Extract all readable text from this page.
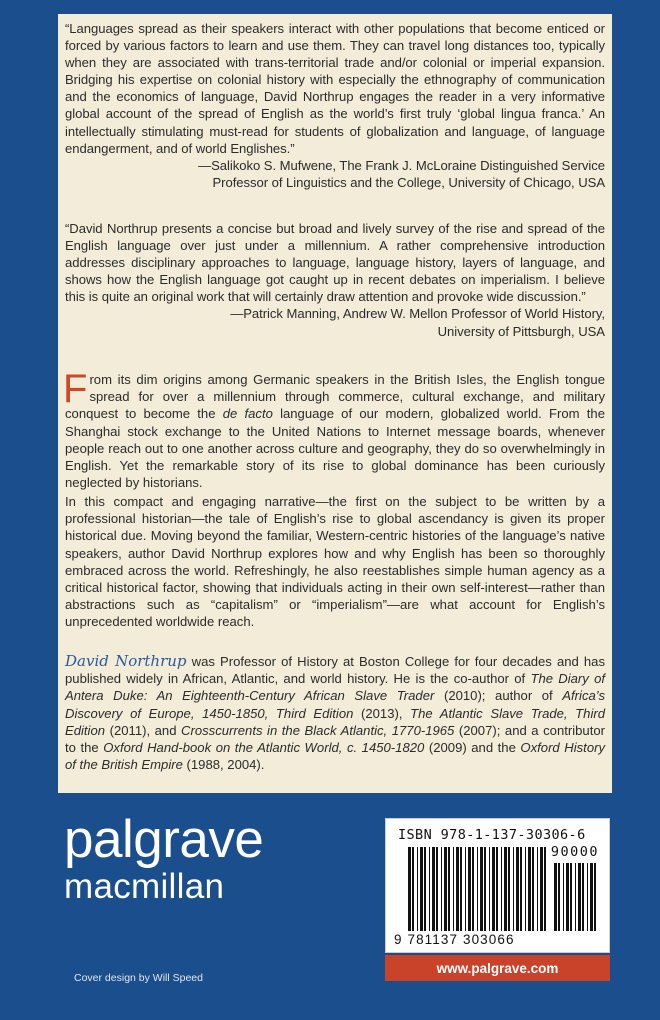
“Languages spread as their speakers interact with other populations that become enticed or forced by various factors to learn and use them. They can travel long distances too, typically when they are associated with trans-territorial trade and/or colonial or imperial expansion. Bridging his expertise on colonial history with especially the ethnography of communication and the economics of language, David Northrup engages the reader in a very informative global account of the spread of English as the world’s first truly ‘global lingua franca.’ An intellectually stimulating must-read for students of globalization and language, of language endangerment, and of world Englishes.”

—Salikoko S. Mufwene, The Frank J. McLoraine Distinguished Service
Professor of Linguistics and the College, University of Chicago, USA

“David Northrup presents a concise but broad and lively survey of the rise and spread of the English language over just under a millennium. A rather comprehensive introduction addresses disciplinary approaches to language, language history, layers of language, and shows how the English language got caught up in recent debates on imperialism. I believe this is quite an original work that will certainly draw attention and provoke wide discussion.”

—Patrick Manning, Andrew W. Mellon Professor of World History,
University of Pittsburgh, USA

From its dim origins among Germanic speakers in the British Isles, the English tongue spread for over a millennium through commerce, cultural exchange, and military conquest to become the de facto language of our modern, globalized world. From the Shanghai stock exchange to the United Nations to Internet message boards, whenever people reach out to one another across culture and geography, they do so overwhelmingly in English. Yet the remarkable story of its rise to global dominance has been curiously neglected by historians.

In this compact and engaging narrative—the first on the subject to be written by a professional historian—the tale of English’s rise to global ascendancy is given its proper historical due. Moving beyond the familiar, Western-centric histories of the language’s native speakers, author David Northrup explores how and why English has been so thoroughly embraced across the world. Refreshingly, he also reestablishes simple human agency as a critical historical factor, showing that individuals acting in their own self-interest—rather than abstractions such as “capitalism” or “imperialism”—are what account for English’s unprecedented worldwide reach.

David Northrup was Professor of History at Boston College for four decades and has published widely in African, Atlantic, and world history. He is the co-author of The Diary of Antera Duke: An Eighteenth-Century African Slave Trader (2010); author of Africa’s Discovery of Europe, 1450-1850, Third Edition (2013), The Atlantic Slave Trade, Third Edition (2011), and Crosscurrents in the Black Atlantic, 1770-1965 (2007); and a contributor to the Oxford Hand-book on the Atlantic World, c. 1450-1820 (2009) and the Oxford History of the British Empire (1988, 2004).

palgrave
macmillan
Cover design by Will Speed
ISBN 978-1-137-30306-6
90000
9 781137 303066
www.palgrave.com
